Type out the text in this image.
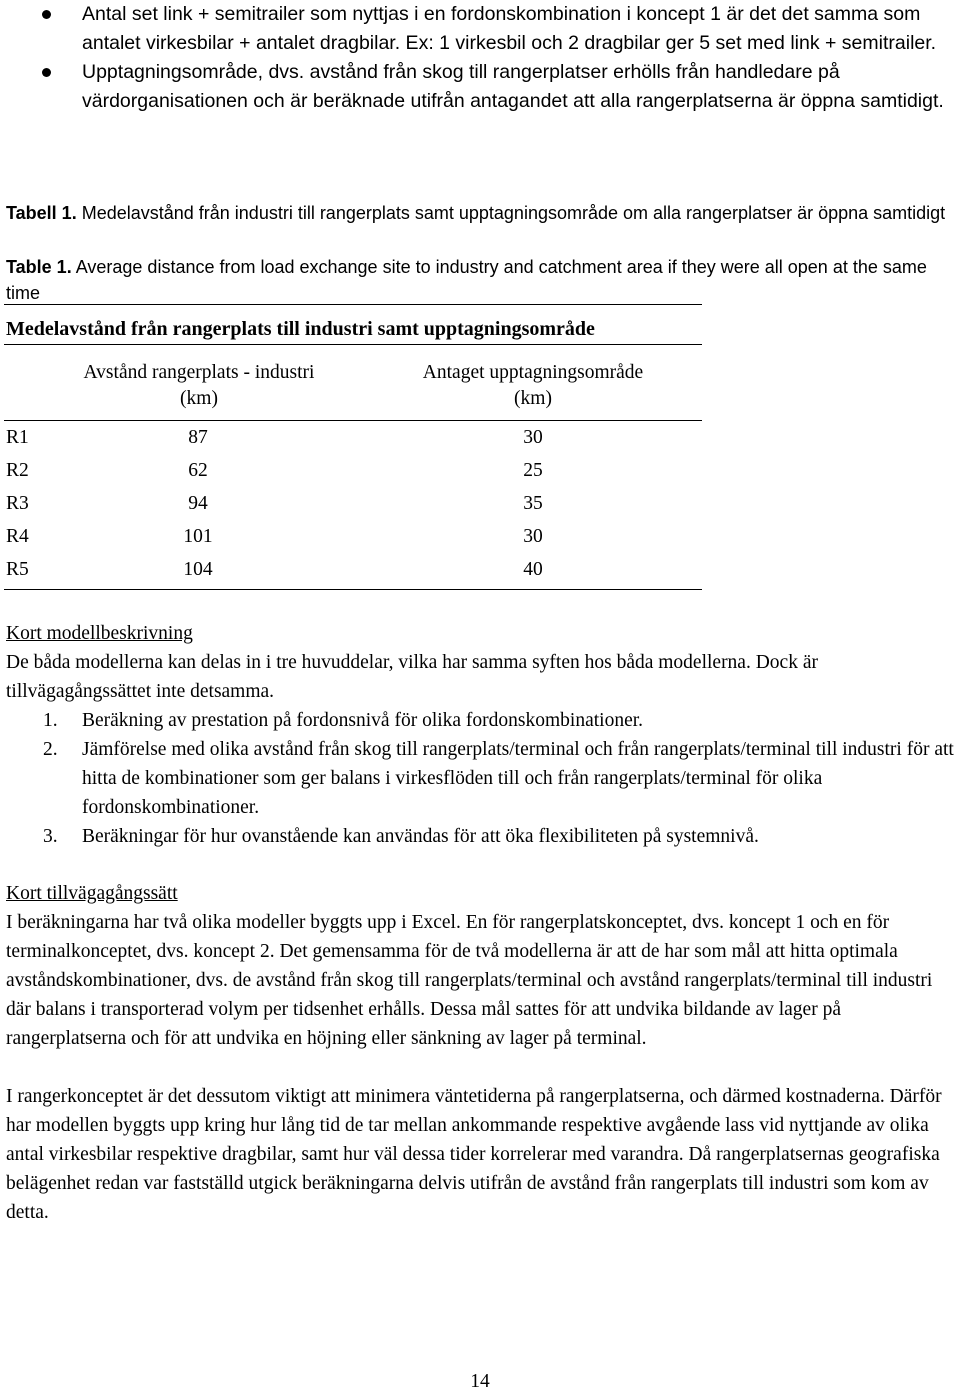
Antal set link + semitrailer som nyttjas i en fordonskombination i koncept 1 är det det samma som antalet virkesbilar + antalet dragbilar. Ex: 1 virkesbil och 2 dragbilar ger 5 set med link + semitrailer.
Upptagningsområde, dvs. avstånd från skog till rangerplatser erhölls från handledare på värdorganisationen och är beräknade utifrån antagandet att alla rangerplatserna är öppna samtidigt.
Tabell 1. Medelavstånd från industri till rangerplats samt upptagningsområde om alla rangerplatser är öppna samtidigt
Table 1. Average distance from load exchange site to industry and catchment area if they were all open at the same time
Medelavstånd från rangerplats till industri samt upptagningsområde
Avstånd rangerplats - industri
(km)
Antaget upptagningsområde
(km)
R1	87	30
R2	62	25
R3	94	35
R4	101	30
R5	104	40
Kort modellbeskrivning
De båda modellerna kan delas in i tre huvuddelar, vilka har samma syften hos båda modellerna. Dock är tillvägagångssättet inte detsamma.
1. Beräkning av prestation på fordonsnivå för olika fordonskombinationer.
2. Jämförelse med olika avstånd från skog till rangerplats/terminal och från rangerplats/terminal till industri för att hitta de kombinationer som ger balans i virkesflöden till och från rangerplats/terminal för olika fordonskombinationer.
3. Beräkningar för hur ovanstående kan användas för att öka flexibiliteten på systemnivå.
Kort tillvägagångssätt
I beräkningarna har två olika modeller byggts upp i Excel. En för rangerplatskonceptet, dvs. koncept 1 och en för terminalkonceptet, dvs. koncept 2. Det gemensamma för de två modellerna är att de har som mål att hitta optimala avståndskombinationer, dvs. de avstånd från skog till rangerplats/terminal och avstånd rangerplats/terminal till industri där balans i transporterad volym per tidsenhet erhålls. Dessa mål sattes för att undvika bildande av lager på rangerplatserna och för att undvika en höjning eller sänkning av lager på terminal.
I rangerkonceptet är det dessutom viktigt att minimera väntetiderna på rangerplatserna, och därmed kostnaderna. Därför har modellen byggts upp kring hur lång tid de tar mellan ankommande respektive avgående lass vid nyttjande av olika antal virkesbilar respektive dragbilar, samt hur väl dessa tider korrelerar med varandra. Då rangerplatsernas geografiska belägenhet redan var fastställd utgick beräkningarna delvis utifrån de avstånd från rangerplats till industri som kom av detta.
14
